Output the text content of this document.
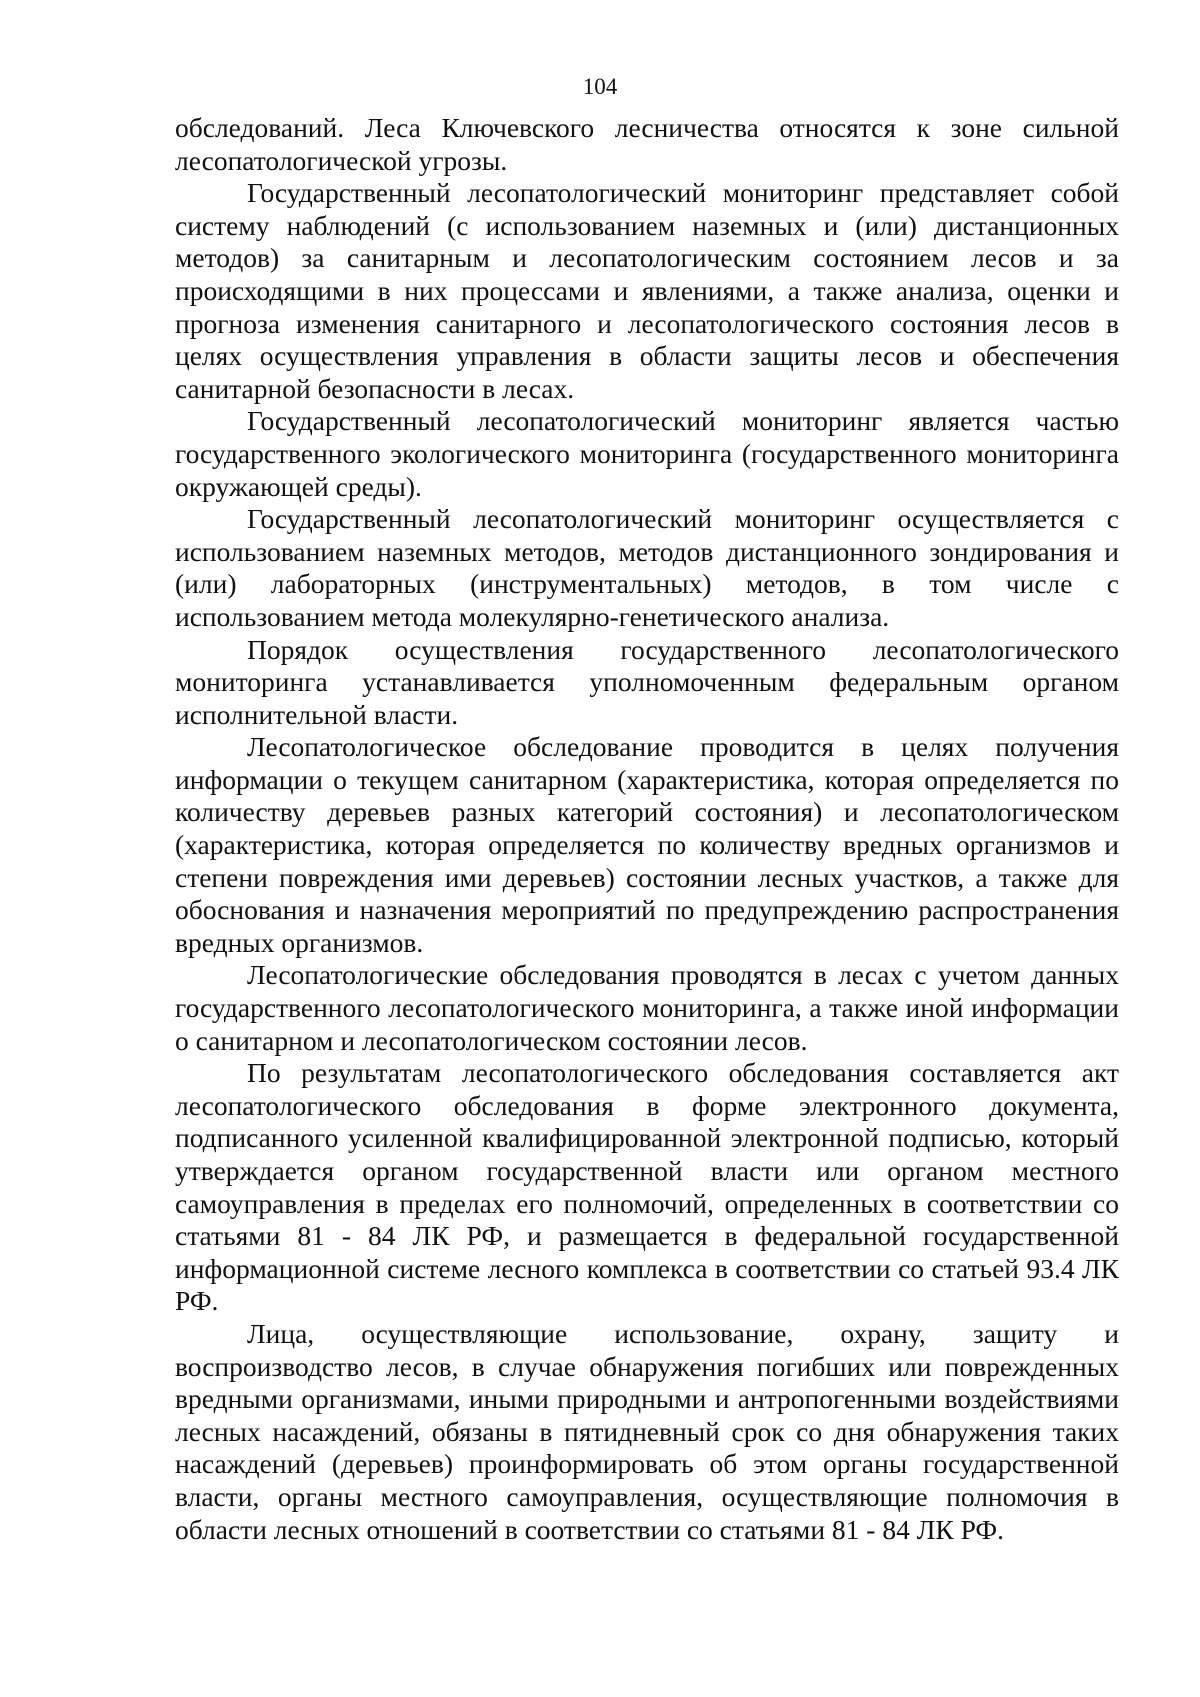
104

обследований. Леса Ключевского лесничества относятся к зоне сильной лесопатологической угрозы.

Государственный лесопатологический мониторинг представляет собой систему наблюдений (с использованием наземных и (или) дистанционных методов) за санитарным и лесопатологическим состоянием лесов и за происходящими в них процессами и явлениями, а также анализа, оценки и прогноза изменения санитарного и лесопатологического состояния лесов в целях осуществления управления в области защиты лесов и обеспечения санитарной безопасности в лесах.

Государственный лесопатологический мониторинг является частью государственного экологического мониторинга (государственного мониторинга окружающей среды).

Государственный лесопатологический мониторинг осуществляется с использованием наземных методов, методов дистанционного зондирования и (или) лабораторных (инструментальных) методов, в том числе с использованием метода молекулярно-генетического анализа.

Порядок осуществления государственного лесопатологического мониторинга устанавливается уполномоченным федеральным органом исполнительной власти.

Лесопатологическое обследование проводится в целях получения информации о текущем санитарном (характеристика, которая определяется по количеству деревьев разных категорий состояния) и лесопатологическом (характеристика, которая определяется по количеству вредных организмов и степени повреждения ими деревьев) состоянии лесных участков, а также для обоснования и назначения мероприятий по предупреждению распространения вредных организмов.

Лесопатологические обследования проводятся в лесах с учетом данных государственного лесопатологического мониторинга, а также иной информации о санитарном и лесопатологическом состоянии лесов.

По результатам лесопатологического обследования составляется акт лесопатологического обследования в форме электронного документа, подписанного усиленной квалифицированной электронной подписью, который утверждается органом государственной власти или органом местного самоуправления в пределах его полномочий, определенных в соответствии со статьями 81 - 84 ЛК РФ, и размещается в федеральной государственной информационной системе лесного комплекса в соответствии со статьей 93.4 ЛК РФ.

Лица, осуществляющие использование, охрану, защиту и воспроизводство лесов, в случае обнаружения погибших или поврежденных вредными организмами, иными природными и антропогенными воздействиями лесных насаждений, обязаны в пятидневный срок со дня обнаружения таких насаждений (деревьев) проинформировать об этом органы государственной власти, органы местного самоуправления, осуществляющие полномочия в области лесных отношений в соответствии со статьями 81 - 84 ЛК РФ.
